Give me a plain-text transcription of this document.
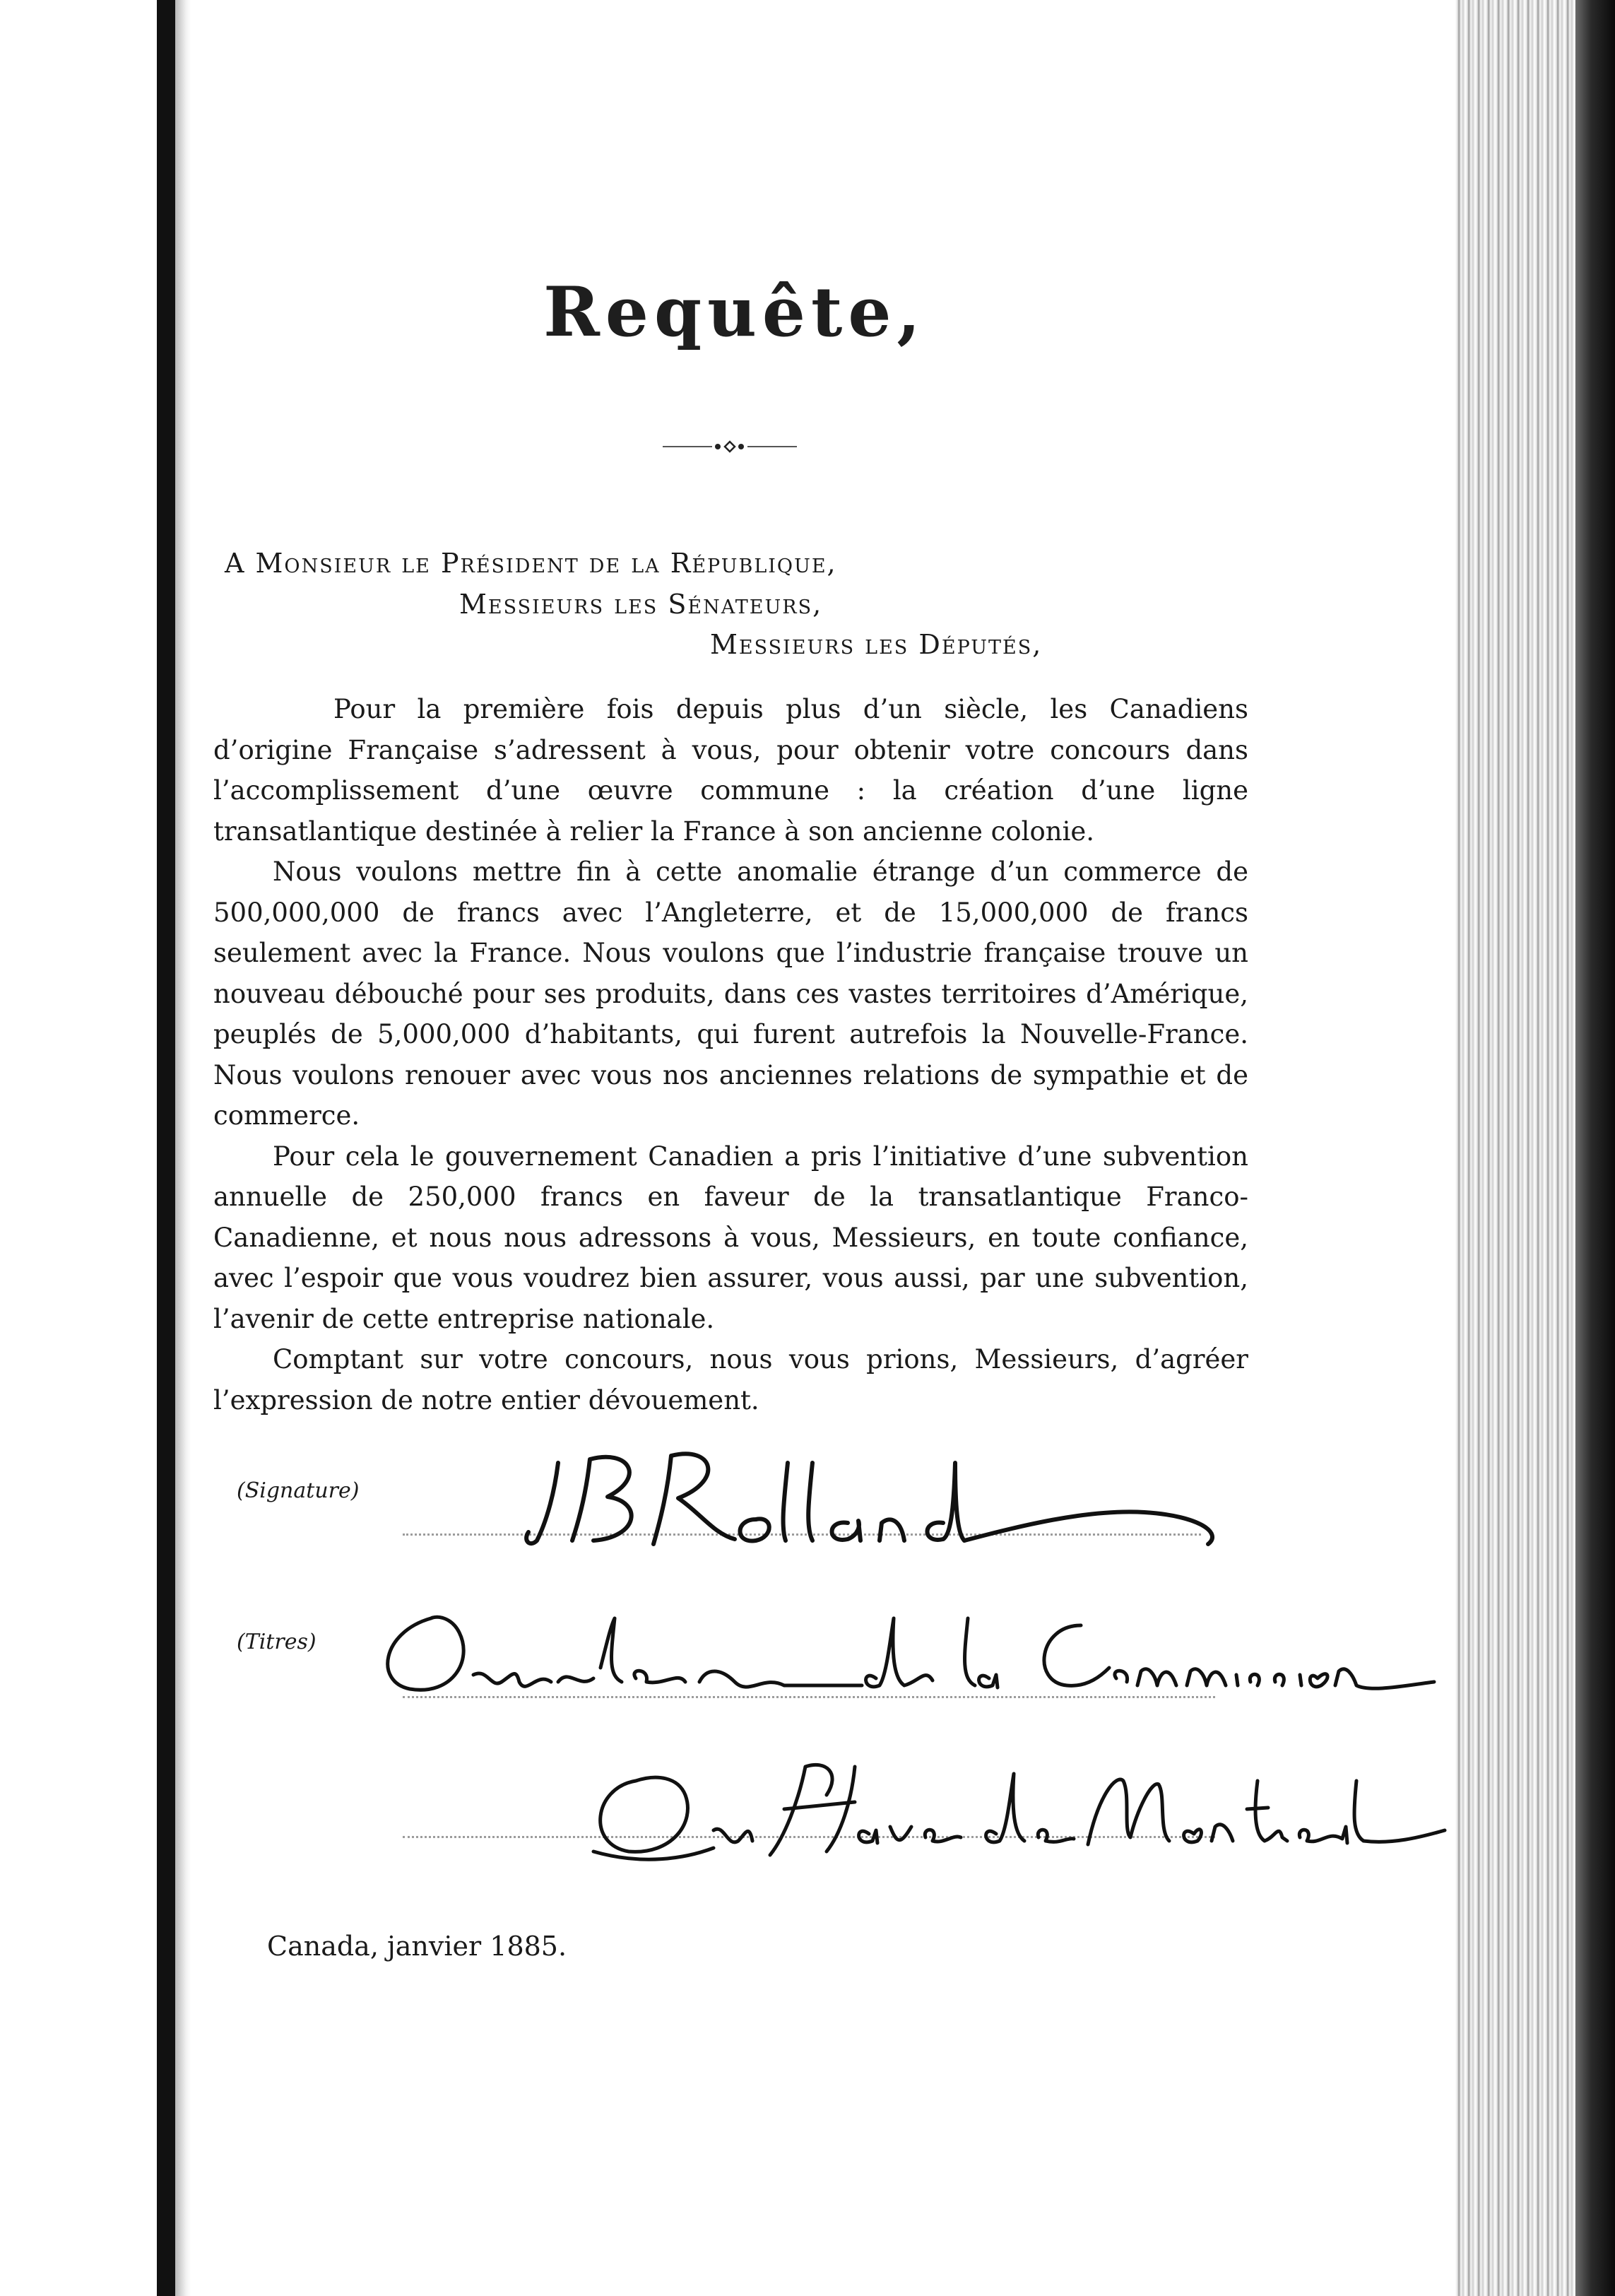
Requête,
A Monsieur le Président de la République,
Messieurs les Sénateurs,
Messieurs les Députés,

Pour la première fois depuis plus d’un siècle, les Canadiens d’origine Française s’adressent à vous, pour obtenir votre concours dans l’accomplissement d’une œuvre commune : la création d’une ligne transatlantique destinée à relier la France à son ancienne colonie.

Nous voulons mettre fin à cette anomalie étrange d’un commerce de 500,000,000 de francs avec l’Angleterre, et de 15,000,000 de francs seulement avec la France. Nous voulons que l’industrie française trouve un nouveau débouché pour ses produits, dans ces vastes territoires d’Amérique, peuplés de 5,000,000 d’habitants, qui furent autrefois la Nouvelle-France. Nous voulons renouer avec vous nos anciennes relations de sympathie et de commerce.

Pour cela le gouvernement Canadien a pris l’initiative d’une subvention annuelle de 250,000 francs en faveur de la transatlantique Franco-Canadienne, et nous nous adressons à vous, Messieurs, en toute confiance, avec l’espoir que vous voudrez bien assurer, vous aussi, par une subvention, l’avenir de cette entreprise nationale.

Comptant sur votre concours, nous vous prions, Messieurs, d’agréer l’expression de notre entier dévouement.

(Signature)
(Titres)
Canada, janvier 1885.
